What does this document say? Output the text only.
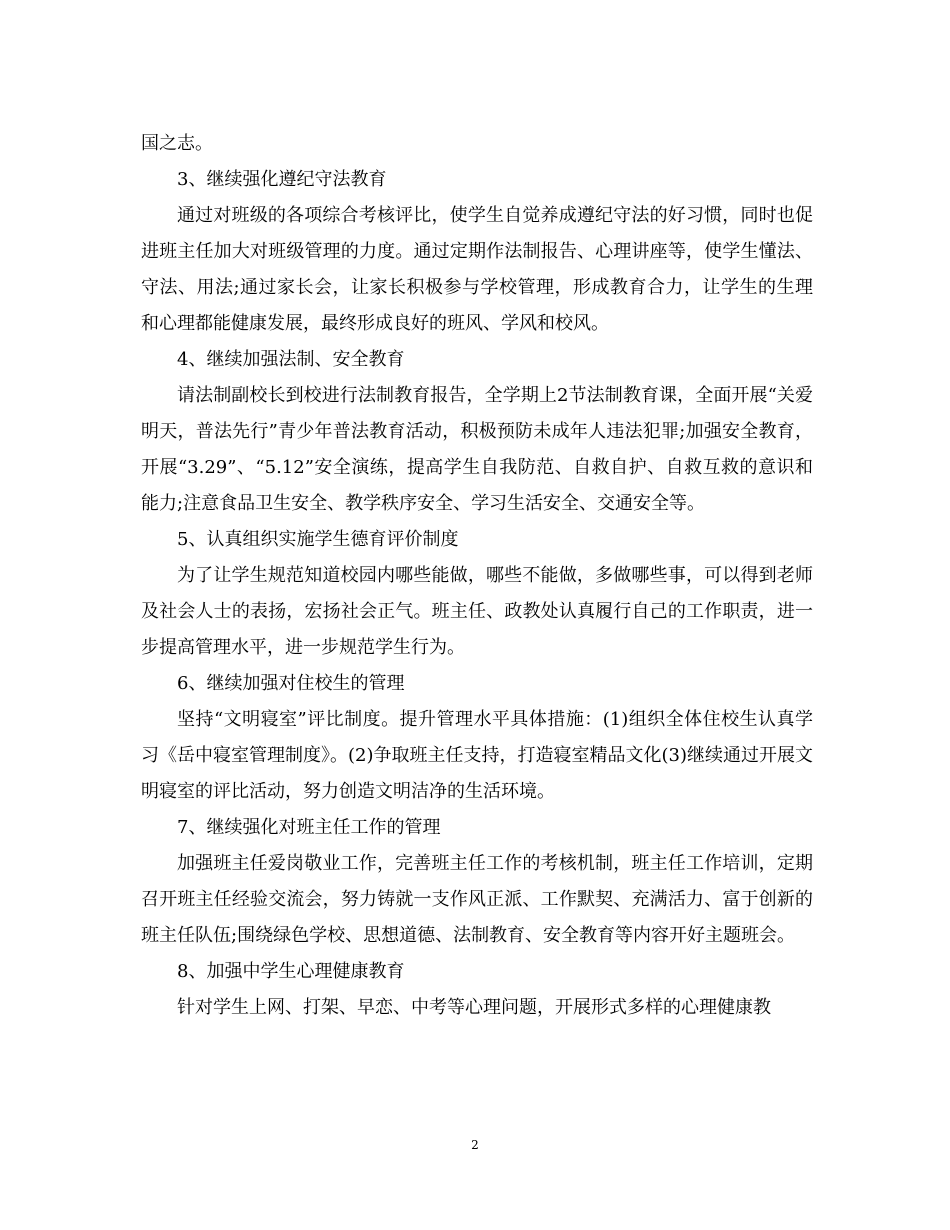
国之志。

3、继续强化遵纪守法教育

通过对班级的各项综合考核评比，使学生自觉养成遵纪守法的好习惯，同时也促进班主任加大对班级管理的力度。通过定期作法制报告、心理讲座等，使学生懂法、守法、用法;通过家长会，让家长积极参与学校管理，形成教育合力，让学生的生理和心理都能健康发展，最终形成良好的班风、学风和校风。

4、继续加强法制、安全教育

请法制副校长到校进行法制教育报告，全学期上2节法制教育课，全面开展“关爱明天，普法先行”青少年普法教育活动，积极预防未成年人违法犯罪;加强安全教育，开展“3.29”、“5.12”安全演练，提高学生自我防范、自救自护、自救互救的意识和能力;注意食品卫生安全、教学秩序安全、学习生活安全、交通安全等。

5、认真组织实施学生德育评价制度

为了让学生规范知道校园内哪些能做，哪些不能做，多做哪些事，可以得到老师及社会人士的表扬，宏扬社会正气。班主任、政教处认真履行自己的工作职责，进一步提高管理水平，进一步规范学生行为。

6、继续加强对住校生的管理

坚持“文明寝室”评比制度。提升管理水平具体措施：(1)组织全体住校生认真学习《岳中寝室管理制度》。(2)争取班主任支持，打造寝室精品文化(3)继续通过开展文明寝室的评比活动，努力创造文明洁净的生活环境。

7、继续强化对班主任工作的管理

加强班主任爱岗敬业工作，完善班主任工作的考核机制，班主任工作培训，定期召开班主任经验交流会，努力铸就一支作风正派、工作默契、充满活力、富于创新的班主任队伍;围绕绿色学校、思想道德、法制教育、安全教育等内容开好主题班会。

8、加强中学生心理健康教育

针对学生上网、打架、早恋、中考等心理问题，开展形式多样的心理健康教

2
